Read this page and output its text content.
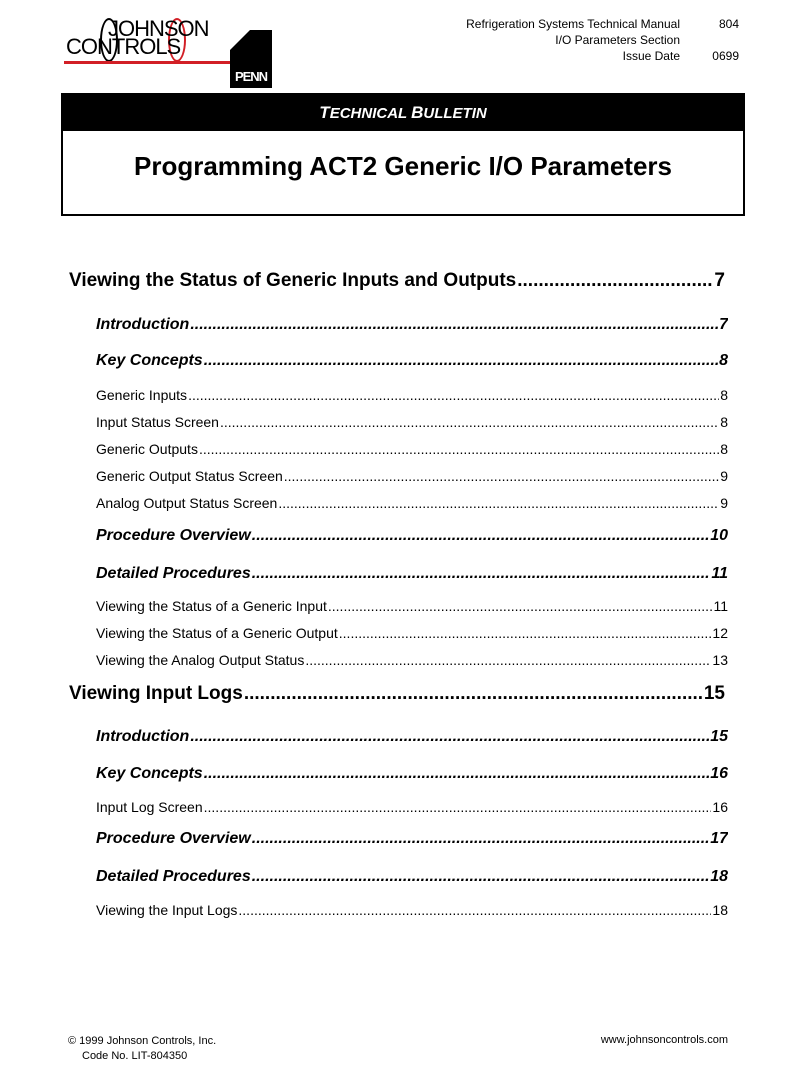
JOHNSON
CONTROLS
PENN
Refrigeration Systems Technical Manual	804
I/O Parameters Section
Issue Date	0699
TECHNICAL BULLETIN
Programming ACT2 Generic I/O Parameters
Viewing the Status of Generic Inputs and Outputs .....	7
Introduction .....	7
Key Concepts .....	8
Generic Inputs .....	8
Input Status Screen .....	8
Generic Outputs .....	8
Generic Output Status Screen .....	9
Analog Output Status Screen .....	9
Procedure Overview .....	10
Detailed Procedures .....	11
Viewing the Status of a Generic Input .....	11
Viewing the Status of a Generic Output .....	12
Viewing the Analog Output Status .....	13
Viewing Input Logs .....	15
Introduction .....	15
Key Concepts .....	16
Input Log Screen .....	16
Procedure Overview .....	17
Detailed Procedures .....	18
Viewing the Input Logs .....	18
© 1999 Johnson Controls, Inc.
Code No. LIT-804350
www.johnsoncontrols.com
